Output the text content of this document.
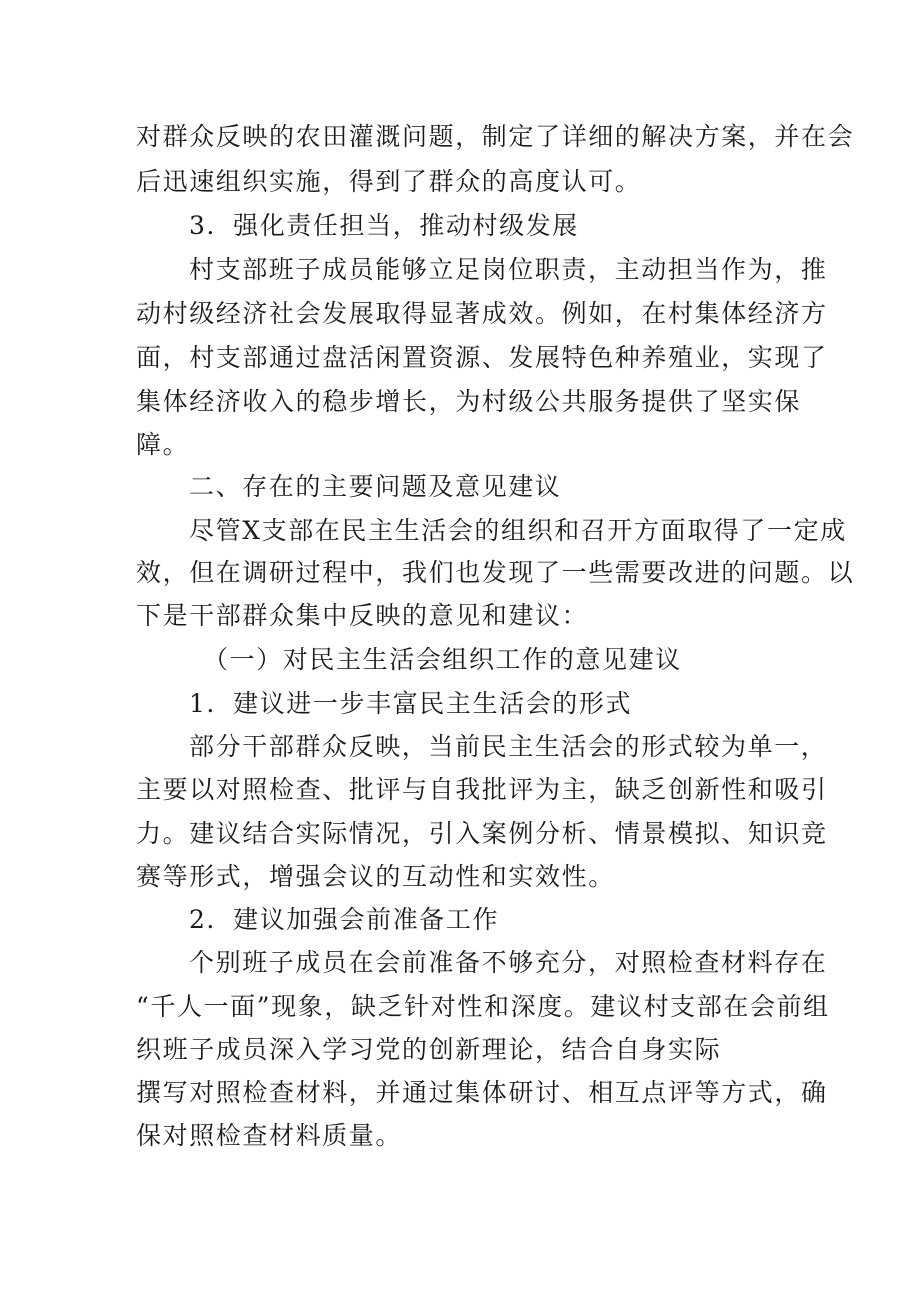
对群众反映的农田灌溉问题，制定了详细的解决方案，并在会
后迅速组织实施，得到了群众的高度认可。
3．强化责任担当，推动村级发展
村支部班子成员能够立足岗位职责，主动担当作为，推
动村级经济社会发展取得显著成效。例如，在村集体经济方
面，村支部通过盘活闲置资源、发展特色种养殖业，实现了
集体经济收入的稳步增长，为村级公共服务提供了坚实保
障。
二、存在的主要问题及意见建议
尽管X支部在民主生活会的组织和召开方面取得了一定成
效，但在调研过程中，我们也发现了一些需要改进的问题。以
下是干部群众集中反映的意见和建议：
（一）对民主生活会组织工作的意见建议
1．建议进一步丰富民主生活会的形式
部分干部群众反映，当前民主生活会的形式较为单一，
主要以对照检查、批评与自我批评为主，缺乏创新性和吸引
力。建议结合实际情况，引入案例分析、情景模拟、知识竞
赛等形式，增强会议的互动性和实效性。
2．建议加强会前准备工作
个别班子成员在会前准备不够充分，对照检查材料存在
“千人一面”现象，缺乏针对性和深度。建议村支部在会前组
织班子成员深入学习党的创新理论，结合自身实际
撰写对照检查材料，并通过集体研讨、相互点评等方式，确
保对照检查材料质量。
